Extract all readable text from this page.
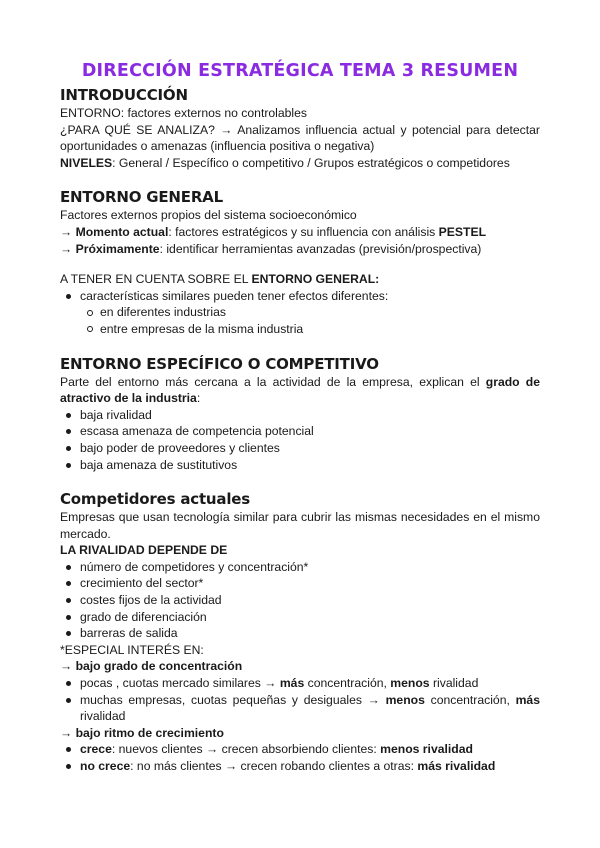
DIRECCIÓN ESTRATÉGICA TEMA 3 RESUMEN
INTRODUCCIÓN
ENTORNO: factores externos no controlables
¿PARA QUÉ SE ANALIZA? → Analizamos influencia actual y potencial para detectar oportunidades o amenazas (influencia positiva o negativa)
NIVELES: General / Específico o competitivo / Grupos estratégicos o competidores
ENTORNO GENERAL
Factores externos propios del sistema socioeconómico
→ Momento actual: factores estratégicos y su influencia con análisis PESTEL
→ Próximamente: identificar herramientas avanzadas (previsión/prospectiva)
A TENER EN CUENTA SOBRE EL ENTORNO GENERAL:
características similares pueden tener efectos diferentes:
en diferentes industrias
entre empresas de la misma industria
ENTORNO ESPECÍFICO O COMPETITIVO
Parte del entorno más cercana a la actividad de la empresa, explican el grado de atractivo de la industria:
baja rivalidad
escasa amenaza de competencia potencial
bajo poder de proveedores y clientes
baja amenaza de sustitutivos
Competidores actuales
Empresas que usan tecnología similar para cubrir las mismas necesidades en el mismo mercado.
LA RIVALIDAD DEPENDE DE
número de competidores y concentración*
crecimiento del sector*
costes fijos de la actividad
grado de diferenciación
barreras de salida
*ESPECIAL INTERÉS EN:
→ bajo grado de concentración
pocas , cuotas mercado similares → más concentración, menos rivalidad
muchas empresas, cuotas pequeñas y desiguales → menos concentración, más rivalidad
→ bajo ritmo de crecimiento
crece: nuevos clientes → crecen absorbiendo clientes: menos rivalidad
no crece: no más clientes → crecen robando clientes a otras: más rivalidad
